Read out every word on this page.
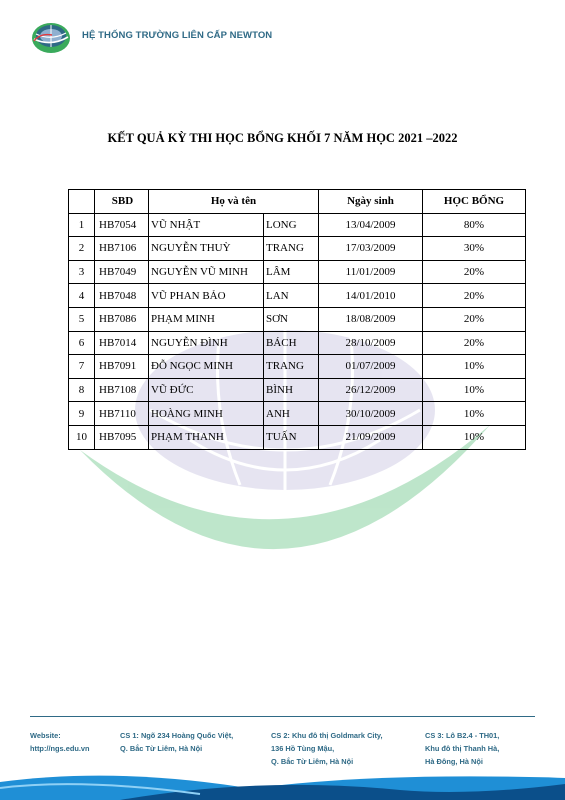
HỆ THỐNG TRƯỜNG LIÊN CẤP NEWTON
KẾT QUẢ KỲ THI HỌC BỔNG KHỐI 7 NĂM HỌC 2021 –2022
	SBD	Họ và tên		Ngày sinh	HỌC BỔNG
1	HB7054	VŨ NHẬT	LONG	13/04/2009	80%
2	HB7106	NGUYỄN THUỲ	TRANG	17/03/2009	30%
3	HB7049	NGUYỄN VŨ MINH	LÂM	11/01/2009	20%
4	HB7048	VŨ PHAN BẢO	LAN	14/01/2010	20%
5	HB7086	PHẠM MINH	SƠN	18/08/2009	20%
6	HB7014	NGUYỄN ĐÌNH	BÁCH	28/10/2009	20%
7	HB7091	ĐỖ NGỌC MINH	TRANG	01/07/2009	10%
8	HB7108	VŨ ĐỨC	BÌNH	26/12/2009	10%
9	HB7110	HOÀNG MINH	ANH	30/10/2009	10%
10	HB7095	PHẠM THANH	TUẤN	21/09/2009	10%
Website:
http://ngs.edu.vn
CS 1: Ngõ 234 Hoàng Quốc Việt,
Q. Bắc Từ Liêm, Hà Nội
CS 2: Khu đô thị Goldmark City,
136 Hồ Tùng Mậu,
Q. Bắc Từ Liêm, Hà Nội
CS 3: Lô B2.4 - TH01,
Khu đô thị Thanh Hà,
Hà Đông, Hà Nội
